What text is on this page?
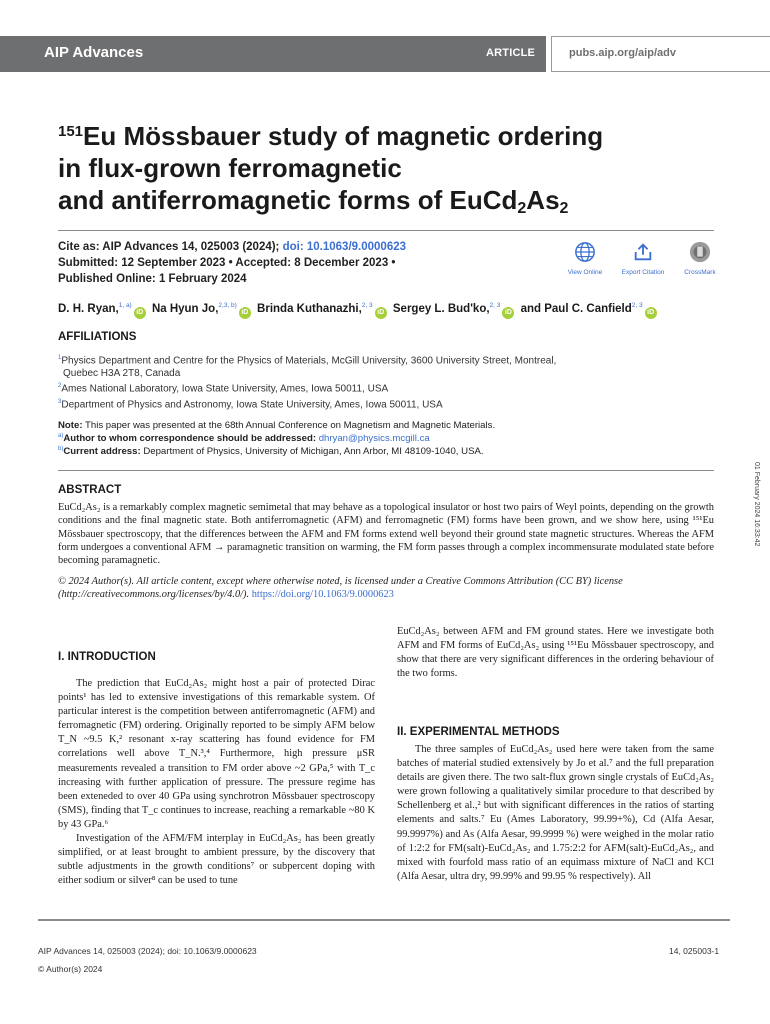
AIP Advances	ARTICLE	pubs.aip.org/aip/adv
$^{151}$Eu Mössbauer study of magnetic ordering
in flux-grown ferromagnetic
and antiferromagnetic forms of $EuCd_2As_2$
Cite as: AIP Advances 14, 025003 (2024); doi: 10.1063/9.0000623
Submitted: 12 September 2023 • Accepted: 8 December 2023 •
Published Online: 1 February 2024
View Online	Export Citation	CrossMark
D. H. Ryan,$^{1, a)}$iD Na Hyun Jo,$^{2,3, b)}$iD Brinda Kuthanazhi,$^{2, 3}$iD Sergey L. Bud'ko,$^{2, 3}$iD and Paul C. Canfield$^{2, 3}$iD
AFFILIATIONS
$^1$Physics Department and Centre for the Physics of Materials, McGill University, 3600 University Street, Montreal,
Quebec H3A 2T8, Canada
$^2$Ames National Laboratory, Iowa State University, Ames, Iowa 50011, USA
$^3$Department of Physics and Astronomy, Iowa State University, Ames, Iowa 50011, USA
Note: This paper was presented at the 68th Annual Conference on Magnetism and Magnetic Materials.
$^{a)}$Author to whom correspondence should be addressed: dhryan@physics.mcgill.ca
$^{b)}$Current address: Department of Physics, University of Michigan, Ann Arbor, MI 48109-1040, USA.
ABSTRACT
EuCd₂As₂ is a remarkably complex magnetic semimetal that may behave as a topological insulator or host two pairs of Weyl points, depending on the growth conditions and the final magnetic state. Both antiferromagnetic (AFM) and ferromagnetic (FM) forms have been grown, and we show here, using ¹⁵¹Eu Mössbauer spectroscopy, that the differences between the AFM and FM forms extend well beyond their ground state magnetic structures. Whereas the AFM form undergoes a conventional AFM → paramagnetic transition on warming, the FM form passes through a complex incommensurate modulated state before becoming paramagnetic.
© 2024 Author(s). All article content, except where otherwise noted, is licensed under a Creative Commons Attribution (CC BY) license (http://creativecommons.org/licenses/by/4.0/). https://doi.org/10.1063/9.0000623
01 February 2024 16:33:42
I. INTRODUCTION
The prediction that EuCd₂As₂ might host a pair of protected Dirac points¹ has led to extensive investigations of this remarkable system. Of particular interest is the competition between antiferromagnetic (AFM) and ferromagnetic (FM) ordering. Originally reported to be simply AFM below T_N ~9.5 K,² resonant x-ray scattering has found evidence for FM correlations well above T_N.³,⁴ Furthermore, high pressure μSR measurements revealed a transition to FM order above ~2 GPa,⁵ with T_c increasing with further application of pressure. The pressure regime has been exteneded to over 40 GPa using synchrotron Mössbauer spectroscopy (SMS), finding that T_c continues to increase, reaching a remarkable ~80 K by 43 GPa.⁶
Investigation of the AFM/FM interplay in EuCd₂As₂ has been greatly simplified, or at least brought to ambient pressure, by the discovery that subtle adjustments in the growth conditions⁷ or subpercent doping with either sodium or silver⁸ can be used to tune
EuCd₂As₂ between AFM and FM ground states. Here we investigate both AFM and FM forms of EuCd₂As₂ using ¹⁵¹Eu Mössbauer spectroscopy, and show that there are very significant differences in the ordering behaviour of the two forms.
II. EXPERIMENTAL METHODS
The three samples of EuCd₂As₂ used here were taken from the same batches of material studied extensively by Jo et al.⁷ and the full preparation details are given there. The two salt-flux grown single crystals of EuCd₂As₂ were grown following a qualitatively similar procedure to that described by Schellenberg et al.,² but with significant differences in the ratios of starting elements and salts.⁷ Eu (Ames Laboratory, 99.99+%), Cd (Alfa Aesar, 99.9997%) and As (Alfa Aesar, 99.9999 %) were weighed in the molar ratio of 1:2:2 for FM(salt)-EuCd₂As₂ and 1.75:2:2 for AFM(salt)-EuCd₂As₂, and mixed with fourfold mass ratio of an equimass mixture of NaCl and KCl (Alfa Aesar, ultra dry, 99.99% and 99.95 % respectively). All
AIP Advances 14, 025003 (2024); doi: 10.1063/9.0000623
© Author(s) 2024
14, 025003-1
